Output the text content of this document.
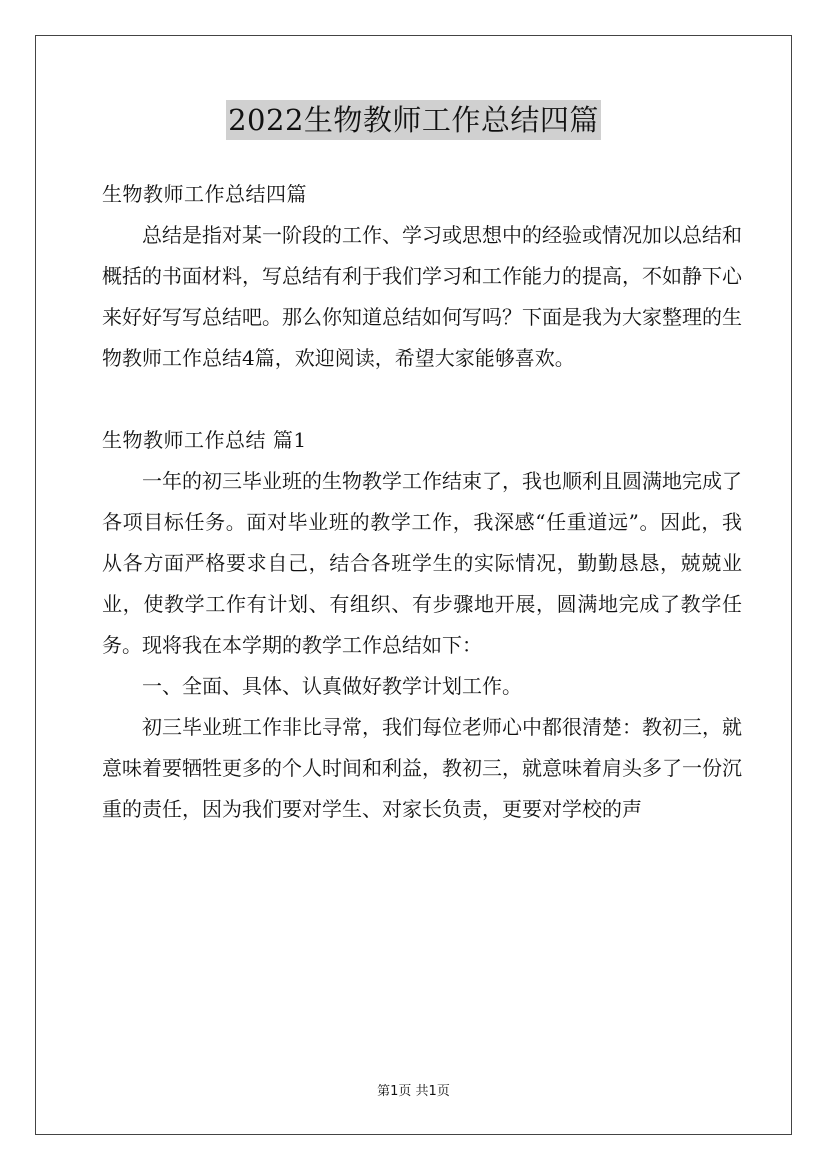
2022生物教师工作总结四篇

生物教师工作总结四篇

总结是指对某一阶段的工作、学习或思想中的经验或情况加以总结和概括的书面材料，写总结有利于我们学习和工作能力的提高，不如静下心来好好写写总结吧。那么你知道总结如何写吗？下面是我为大家整理的生物教师工作总结4篇，欢迎阅读，希望大家能够喜欢。

生物教师工作总结 篇1

一年的初三毕业班的生物教学工作结束了，我也顺利且圆满地完成了各项目标任务。面对毕业班的教学工作，我深感“任重道远”。因此，我从各方面严格要求自己，结合各班学生的实际情况，勤勤恳恳，兢兢业业，使教学工作有计划、有组织、有步骤地开展，圆满地完成了教学任务。现将我在本学期的教学工作总结如下：

一、全面、具体、认真做好教学计划工作。

初三毕业班工作非比寻常，我们每位老师心中都很清楚：教初三，就意味着要牺牲更多的个人时间和利益，教初三，就意味着肩头多了一份沉重的责任，因为我们要对学生、对家长负责，更要对学校的声

第1页 共1页
